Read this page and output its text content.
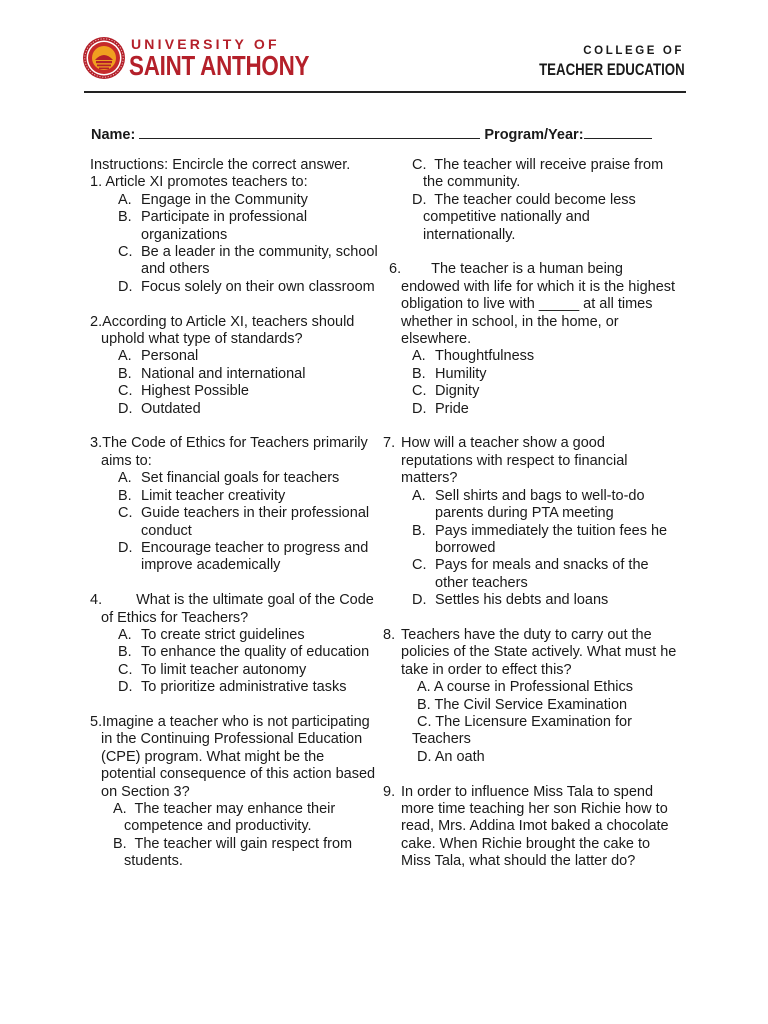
UNIVERSITY OF
SAINT ANTHONY	COLLEGE OF
TEACHER EDUCATION
Name:	Program/Year:

Instructions: Encircle the correct answer.

1. Article XI promotes teachers to:
A. Engage in the Community
B. Participate in professional organizations
C. Be a leader in the community, school and others
D. Focus solely on their own classroom
2.According to Article XI, teachers should uphold what type of standards?
A. Personal
B. National and international
C. Highest Possible
D. Outdated
3.The Code of Ethics for Teachers primarily aims to:
A. Set financial goals for teachers
B. Limit teacher creativity
C. Guide teachers in their professional conduct
D. Encourage teacher to progress and improve academically
4. What is the ultimate goal of the Code of Ethics for Teachers?
A. To create strict guidelines
B. To enhance the quality of education
C. To limit teacher autonomy
D. To prioritize administrative tasks
5.Imagine a teacher who is not participating in the Continuing Professional Education (CPE) program. What might be the potential consequence of this action based on Section 3?
A. The teacher may enhance their competence and productivity.
B. The teacher will gain respect from students.
C. The teacher will receive praise from the community.
D. The teacher could become less competitive nationally and internationally.
6. The teacher is a human being endowed with life for which it is the highest obligation to live with _____ at all times whether in school, in the home, or elsewhere.
A. Thoughtfulness
B. Humility
C. Dignity
D. Pride
7. How will a teacher show a good reputations with respect to financial matters?
A. Sell shirts and bags to well-to-do parents during PTA meeting
B. Pays immediately the tuition fees he borrowed
C. Pays for meals and snacks of the other teachers
D. Settles his debts and loans
8. Teachers have the duty to carry out the policies of the State actively. What must he take in order to effect this?
A. A course in Professional Ethics
B. The Civil Service Examination
C. The Licensure Examination for Teachers
D. An oath
9. In order to influence Miss Tala to spend more time teaching her son Richie how to read, Mrs. Addina Imot baked a chocolate cake. When Richie brought the cake to Miss Tala, what should the latter do?
